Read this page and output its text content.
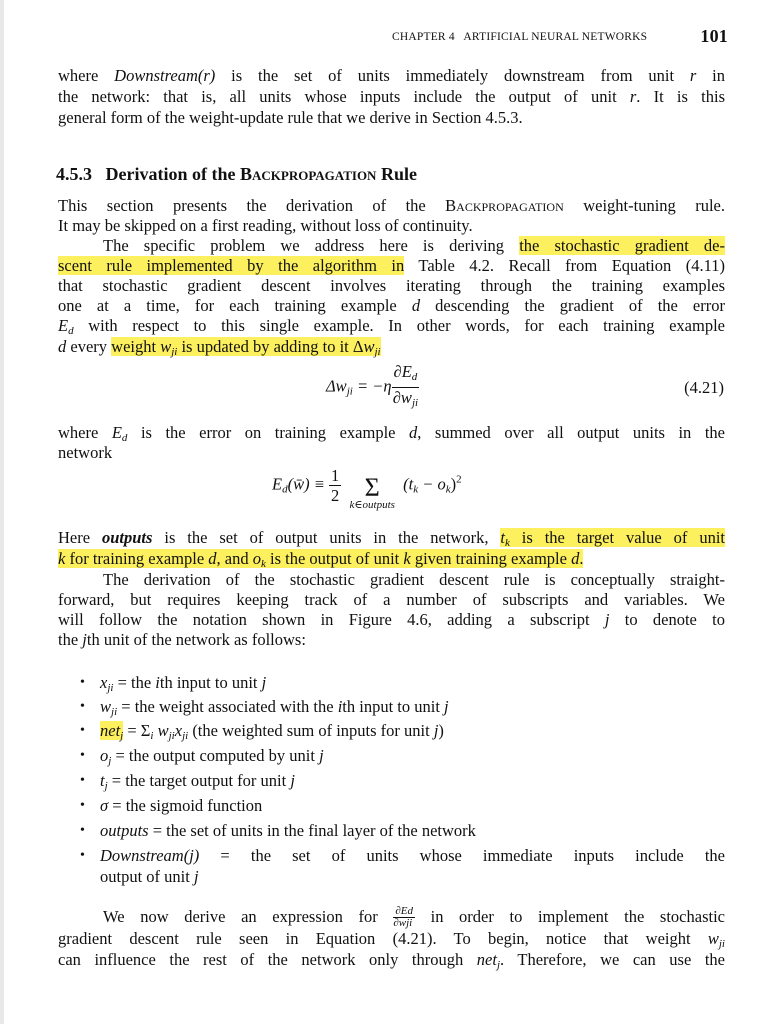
CHAPTER 4 ARTIFICIAL NEURAL NETWORKS	101
where Downstream(r) is the set of units immediately downstream from unit r in
the network: that is, all units whose inputs include the output of unit r. It is this
general form of the weight-update rule that we derive in Section 4.5.3.
4.5.3 Derivation of the Backpropagation Rule
This section presents the derivation of the Backpropagation weight-tuning rule.
It may be skipped on a first reading, without loss of continuity.
The specific problem we address here is deriving the stochastic gradient de-
scent rule implemented by the algorithm in Table 4.2. Recall from Equation (4.11)
that stochastic gradient descent involves iterating through the training examples
one at a time, for each training example d descending the gradient of the error
$E_d$ with respect to this single example. In other words, for each training example
d every weight $w_{ji}$ is updated by adding to it $\Delta w_{ji}$
$\Delta w_{ji} = -\eta \frac{\partial E_d}{\partial w_{ji}}$	(4.21)
where $E_d$ is the error on training example d, summed over all output units in the
network
$E_d(w̄) \equiv \frac{1}{2}$
Σ
k∈outputs
$(t_k - o_k)^2$
Here outputs is the set of output units in the network, $t_k$ is the target value of unit
k for training example d, and $o_k$ is the output of unit k given training example d.
The derivation of the stochastic gradient descent rule is conceptually straight-
forward, but requires keeping track of a number of subscripts and variables. We
will follow the notation shown in Figure 4.6, adding a subscript j to denote to
the jth unit of the network as follows:
• $x_{ji}$ = the ith input to unit j
• $w_{ji}$ = the weight associated with the ith input to unit j
• $net_j = \Sigma_i$ $w_{ji}x_{ji}$ (the weighted sum of inputs for unit j)
• $o_j$ = the output computed by unit j
• $t_j$ = the target output for unit j
• σ = the sigmoid function
• outputs = the set of units in the final layer of the network
• Downstream(j) = the set of units whose immediate inputs include the
output of unit j
We now derive an expression for $\frac{\partial Ed}{\text{∂wji}}$ in order to implement the stochastic
gradient descent rule seen in Equation (4.21). To begin, notice that weight $w_{ji}$
can influence the rest of the network only through net$_j$. Therefore, we can use the
